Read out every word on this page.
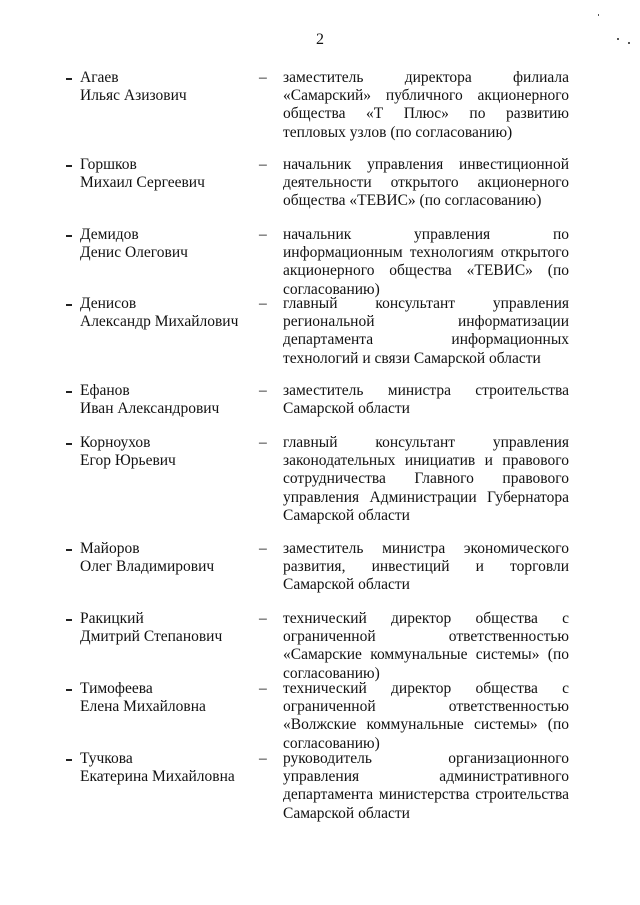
2
Агаев
Ильяс Азизович
– заместитель директора филиала «Самарский» публичного акционерного общества «Т Плюс» по развитию тепловых узлов (по согласованию)
Горшков
Михаил Сергеевич
– начальник управления инвестиционной деятельности открытого акционерного общества «ТЕВИС» (по согласованию)
Демидов
Денис Олегович
– начальник управления по информационным технологиям открытого акционерного общества «ТЕВИС» (по согласованию)
Денисов
Александр Михайлович
– главный консультант управления региональной информатизации департамента информационных технологий и связи Самарской области
Ефанов
Иван Александрович
– заместитель министра строительства Самарской области
Корноухов
Егор Юрьевич
– главный консультант управления законодательных инициатив и правового сотрудничества Главного правового управления Администрации Губернатора Самарской области
Майоров
Олег Владимирович
– заместитель министра экономического развития, инвестиций и торговли Самарской области
Ракицкий
Дмитрий Степанович
– технический директор общества с ограниченной ответственностью «Самарские коммунальные системы» (по согласованию)
Тимофеева
Елена Михайловна
– технический директор общества с ограниченной ответственностью «Волжские коммунальные системы» (по согласованию)
Тучкова
Екатерина Михайловна
– руководитель организационного управления административного департамента министерства строительства Самарской области
